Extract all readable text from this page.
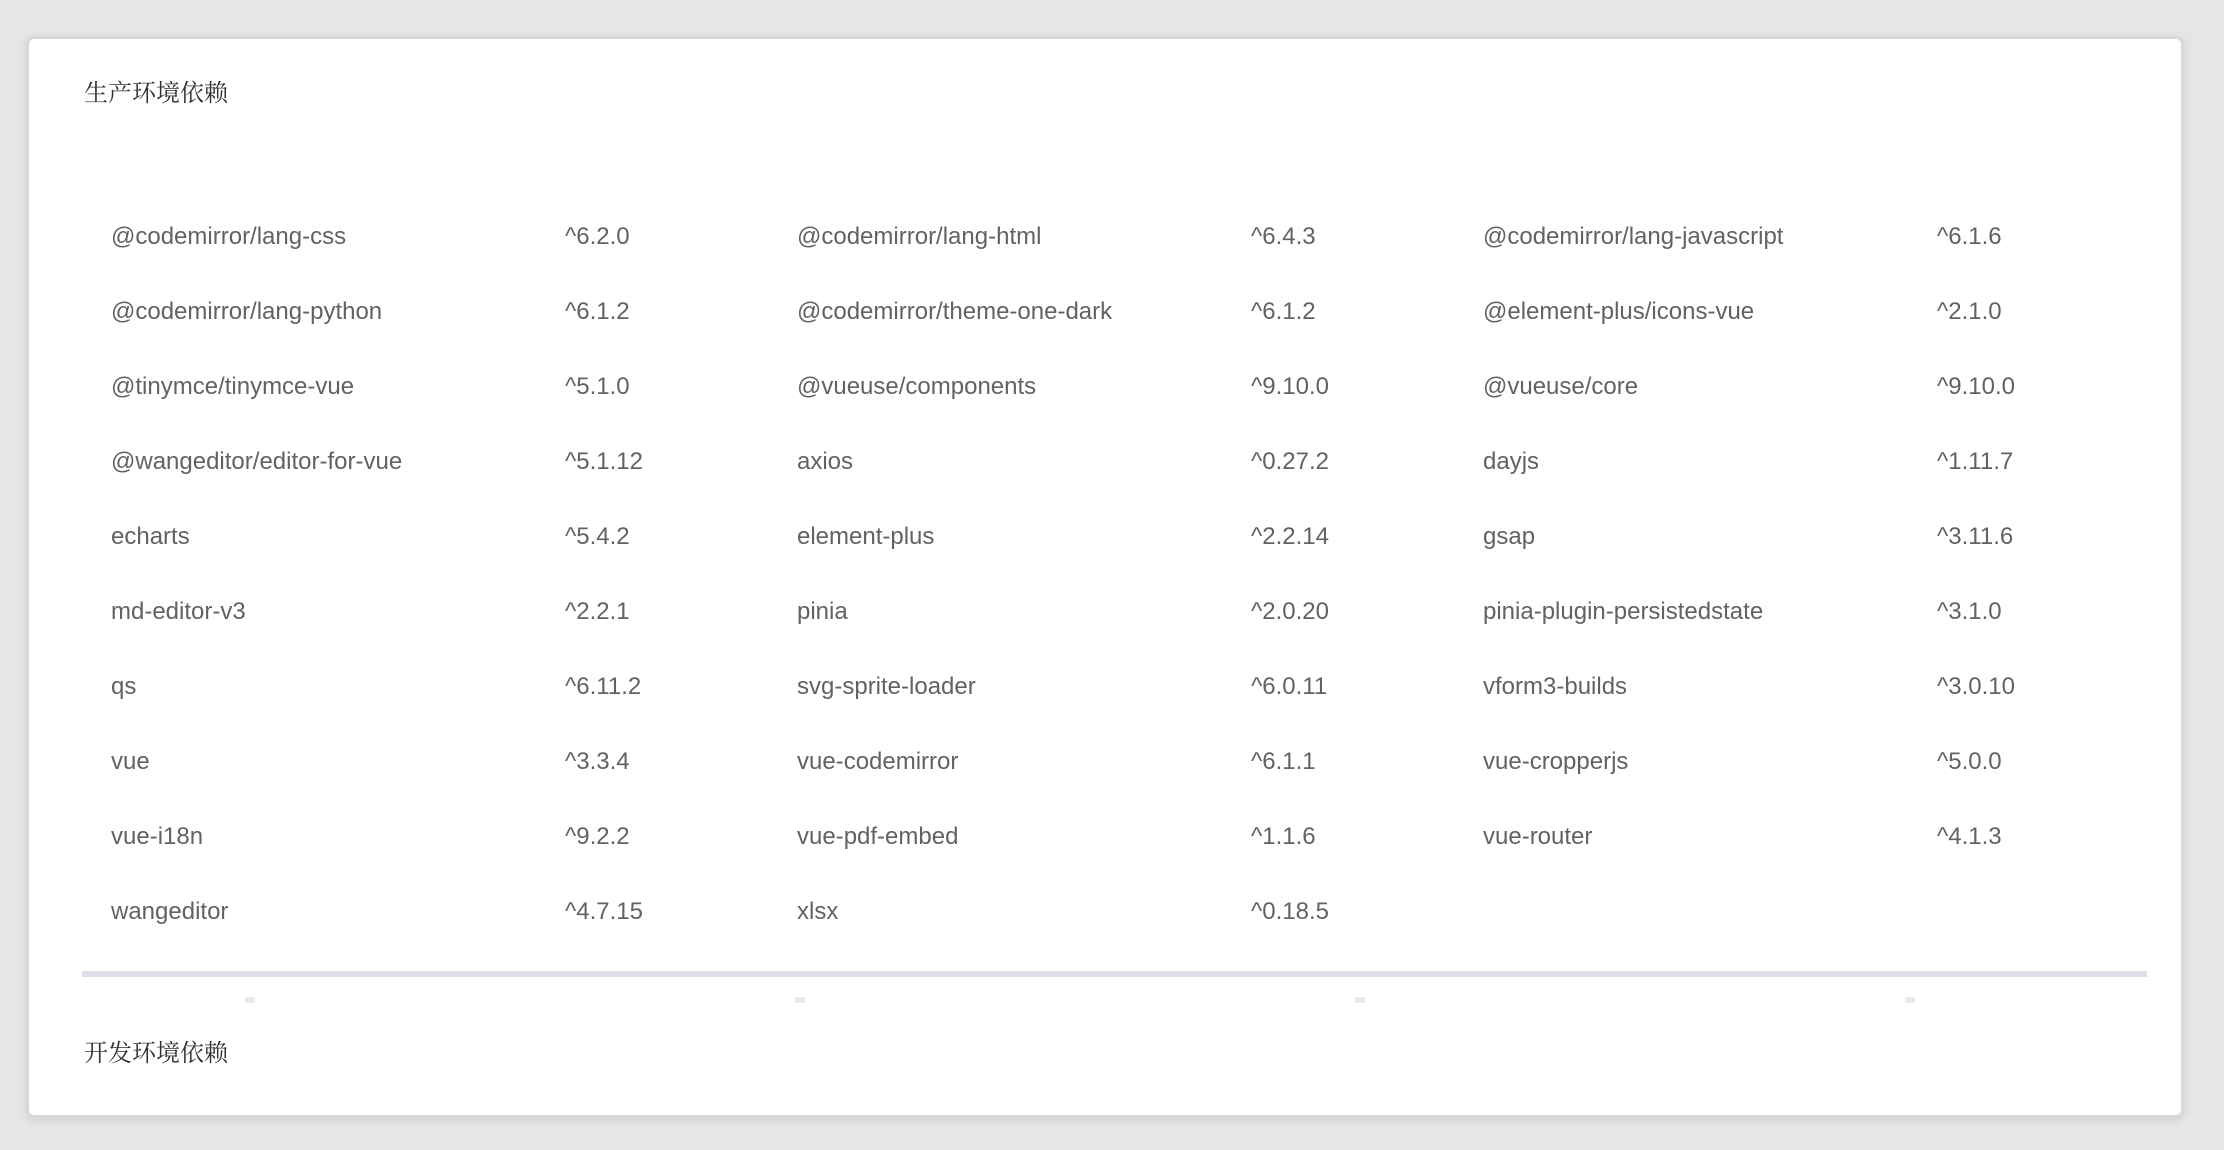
生产环境依赖
@codemirror/lang-css	^6.2.0	@codemirror/lang-html	^6.4.3	@codemirror/lang-javascript	^6.1.6
@codemirror/lang-python	^6.1.2	@codemirror/theme-one-dark	^6.1.2	@element-plus/icons-vue	^2.1.0
@tinymce/tinymce-vue	^5.1.0	@vueuse/components	^9.10.0	@vueuse/core	^9.10.0
@wangeditor/editor-for-vue	^5.1.12	axios	^0.27.2	dayjs	^1.11.7
echarts	^5.4.2	element-plus	^2.2.14	gsap	^3.11.6
md-editor-v3	^2.2.1	pinia	^2.0.20	pinia-plugin-persistedstate	^3.1.0
qs	^6.11.2	svg-sprite-loader	^6.0.11	vform3-builds	^3.0.10
vue	^3.3.4	vue-codemirror	^6.1.1	vue-cropperjs	^5.0.0
vue-i18n	^9.2.2	vue-pdf-embed	^1.1.6	vue-router	^4.1.3
wangeditor	^4.7.15	xlsx	^0.18.5
开发环境依赖
